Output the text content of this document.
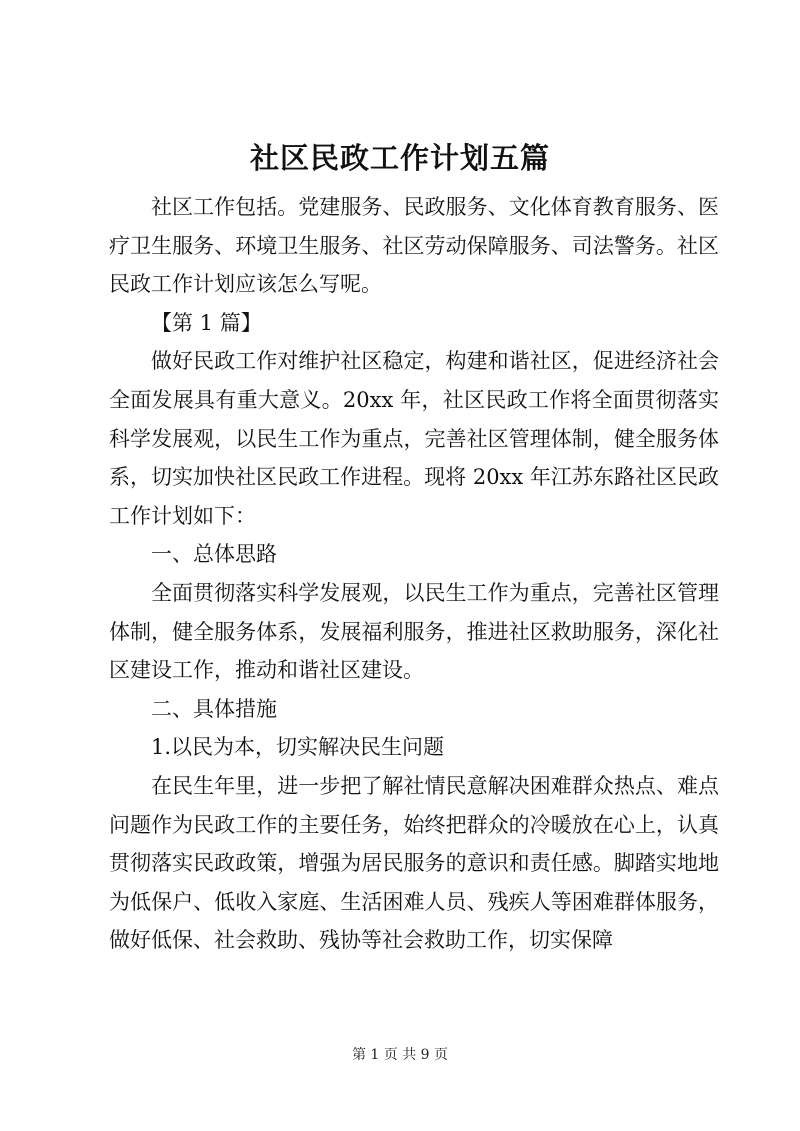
社区民政工作计划五篇

社区工作包括。党建服务、民政服务、文化体育教育服务、医疗卫生服务、环境卫生服务、社区劳动保障服务、司法警务。社区民政工作计划应该怎么写呢。

【第 1 篇】

做好民政工作对维护社区稳定，构建和谐社区，促进经济社会全面发展具有重大意义。20xx 年，社区民政工作将全面贯彻落实科学发展观，以民生工作为重点，完善社区管理体制，健全服务体系，切实加快社区民政工作进程。现将 20xx 年江苏东路社区民政工作计划如下：

一、总体思路

全面贯彻落实科学发展观，以民生工作为重点，完善社区管理体制，健全服务体系，发展福利服务，推进社区救助服务，深化社区建设工作，推动和谐社区建设。

二、具体措施

1.以民为本，切实解决民生问题

在民生年里，进一步把了解社情民意解决困难群众热点、难点问题作为民政工作的主要任务，始终把群众的冷暖放在心上，认真贯彻落实民政政策，增强为居民服务的意识和责任感。脚踏实地地为低保户、低收入家庭、生活困难人员、残疾人等困难群体服务，做好低保、社会救助、残协等社会救助工作，切实保障

第 1 页 共 9 页
